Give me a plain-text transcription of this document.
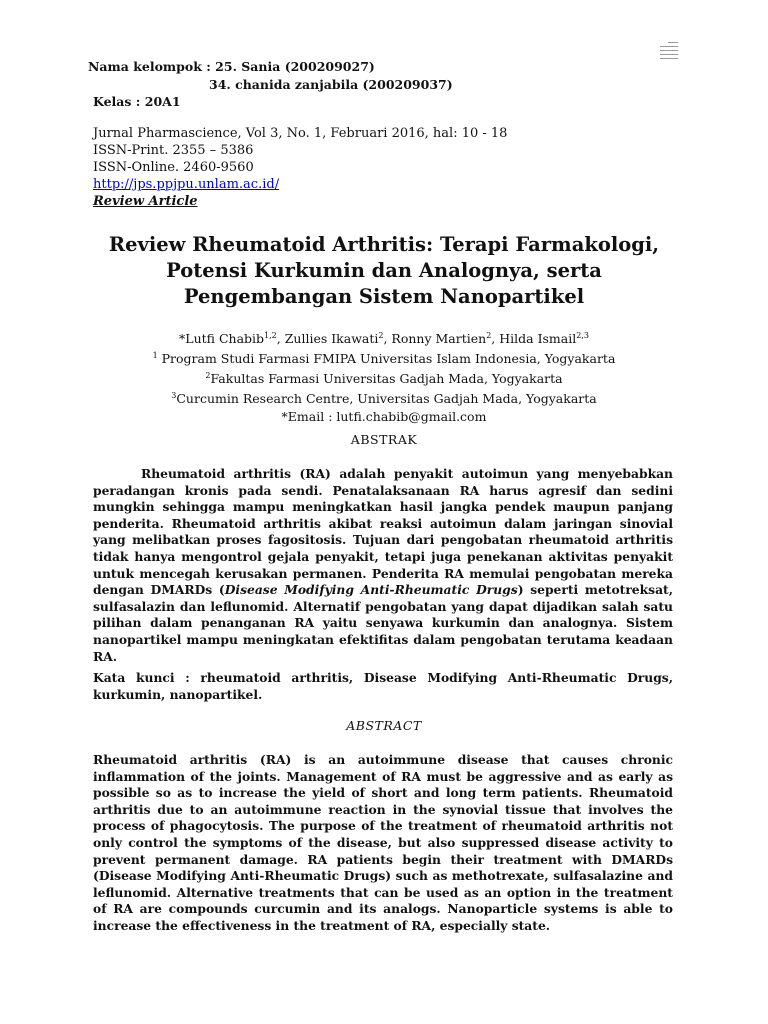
Nama kelompok : 25. Sania (200209027)
34. chanida zanjabila (200209037)
Kelas : 20A1
Jurnal Pharmascience, Vol 3, No. 1, Februari 2016, hal: 10 - 18
ISSN-Print. 2355 – 5386
ISSN-Online. 2460-9560
http://jps.ppjpu.unlam.ac.id/
Review Article
Review Rheumatoid Arthritis: Terapi Farmakologi,
Potensi Kurkumin dan Analognya, serta
Pengembangan Sistem Nanopartikel
*Lutfi Chabib$^{1,2}$, Zullies Ikawati$^2$, Ronny Martien$^2$, Hilda Ismail$^{2,3}$
$^1$ Program Studi Farmasi FMIPA Universitas Islam Indonesia, Yogyakarta
$^2$Fakultas Farmasi Universitas Gadjah Mada, Yogyakarta
$^3$Curcumin Research Centre, Universitas Gadjah Mada, Yogyakarta
*Email : lutfi.chabib@gmail.com
ABSTRAK
Rheumatoid arthritis (RA) adalah penyakit autoimun yang menyebabkan peradangan kronis pada sendi. Penatalaksanaan RA harus agresif dan sedini mungkin sehingga mampu meningkatkan hasil jangka pendek maupun panjang penderita. Rheumatoid arthritis akibat reaksi autoimun dalam jaringan sinovial yang melibatkan proses fagositosis. Tujuan dari pengobatan rheumatoid arthritis tidak hanya mengontrol gejala penyakit, tetapi juga penekanan aktivitas penyakit untuk mencegah kerusakan permanen. Penderita RA memulai pengobatan mereka dengan DMARDs (Disease Modifying Anti-Rheumatic Drugs) seperti metotreksat, sulfasalazin dan leflunomid. Alternatif pengobatan yang dapat dijadikan salah satu pilihan dalam penanganan RA yaitu senyawa kurkumin dan analognya. Sistem nanopartikel mampu meningkatan efektifitas dalam pengobatan terutama keadaan RA.
Kata kunci : rheumatoid arthritis, Disease Modifying Anti-Rheumatic Drugs, kurkumin, nanopartikel.
ABSTRACT
Rheumatoid arthritis (RA) is an autoimmune disease that causes chronic inflammation of the joints. Management of RA must be aggressive and as early as possible so as to increase the yield of short and long term patients. Rheumatoid arthritis due to an autoimmune reaction in the synovial tissue that involves the process of phagocytosis. The purpose of the treatment of rheumatoid arthritis not only control the symptoms of the disease, but also suppressed disease activity to prevent permanent damage. RA patients begin their treatment with DMARDs (Disease Modifying Anti-Rheumatic Drugs) such as methotrexate, sulfasalazine and leflunomid. Alternative treatments that can be used as an option in the treatment of RA are compounds curcumin and its analogs. Nanoparticle systems is able to increase the effectiveness in the treatment of RA, especially state.
